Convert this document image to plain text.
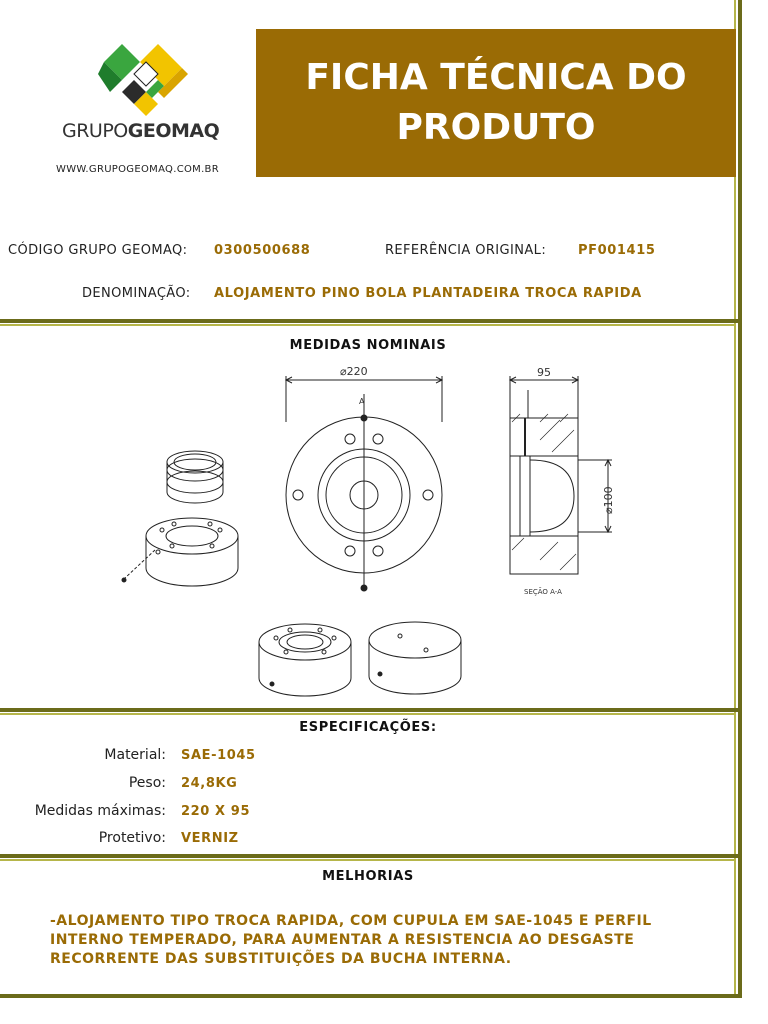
GRUPOGEOMAQ
WWW.GRUPOGEOMAQ.COM.BR
FICHA TÉCNICA DO PRODUTO
CÓDIGO GRUPO GEOMAQ: 0300500688	REFERÊNCIA ORIGINAL: PF001415
DENOMINAÇÃO: ALOJAMENTO PINO BOLA PLANTADEIRA TROCA RAPIDA
MEDIDAS NOMINAIS
⌀220
A
95
⌀100
SEÇÃO A-A
ESPECIFICAÇÕES:
Material: SAE-1045
Peso: 24,8KG
Medidas máximas: 220 X 95
Protetivo: VERNIZ
MELHORIAS
-ALOJAMENTO TIPO TROCA RAPIDA, COM CUPULA EM SAE-1045 E PERFIL INTERNO TEMPERADO, PARA AUMENTAR A RESISTENCIA AO DESGASTE RECORRENTE DAS SUBSTITUIÇÕES DA BUCHA INTERNA.
